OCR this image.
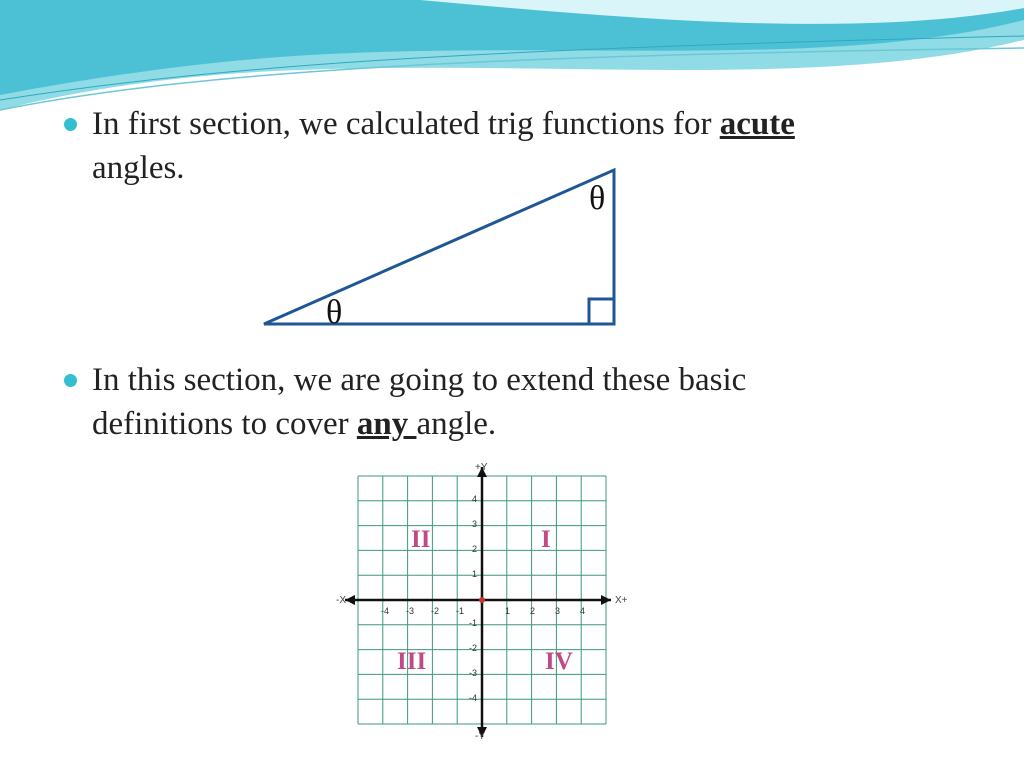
In first section, we calculated trig functions for acute
angles.
θ
θ
In this section, we are going to extend these basic
definitions to cover any angle.
II	I
III	IV
+Y
-Y
-X	X+
-4 -3 -2 -1	1 2 3 4
4
3
2
1
-1
-2
-3
-4
